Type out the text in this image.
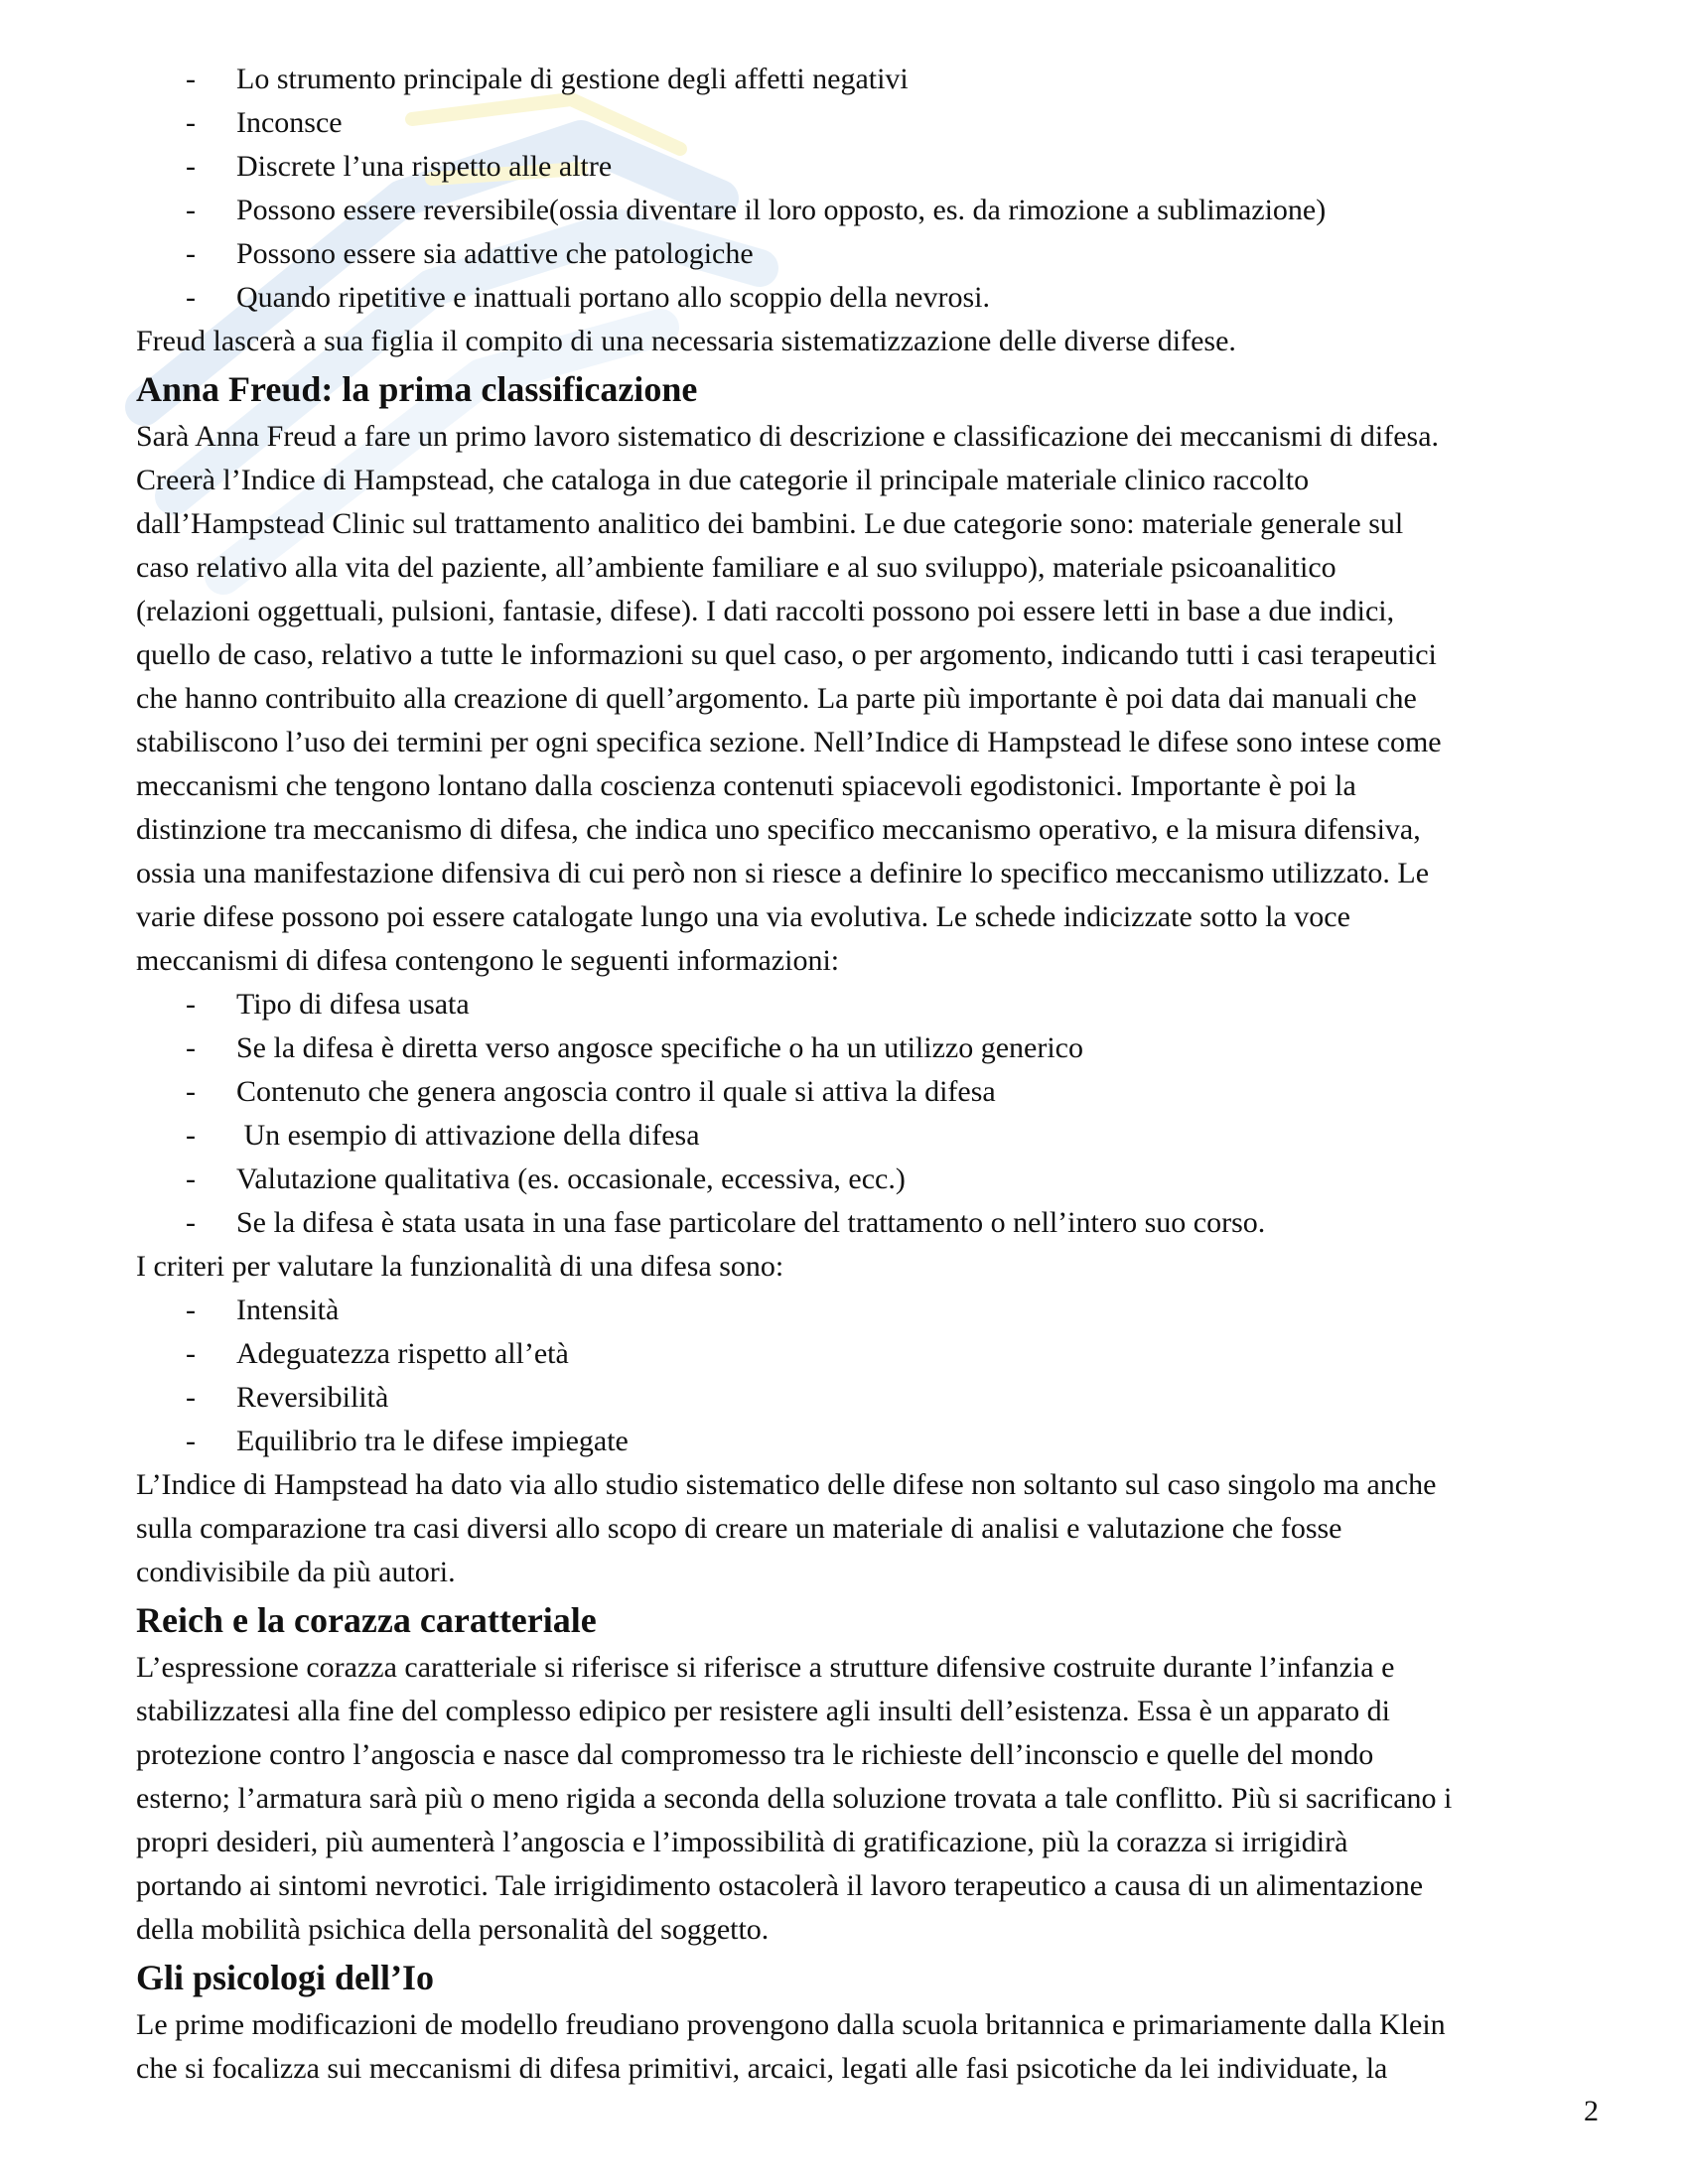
- Lo strumento principale di gestione degli affetti negativi
- Inconsce
- Discrete l’una rispetto alle altre
- Possono essere reversibile(ossia diventare il loro opposto, es. da rimozione a sublimazione)
- Possono essere sia adattive che patologiche
- Quando ripetitive e inattuali portano allo scoppio della nevrosi.
Freud lascerà a sua figlia il compito di una necessaria sistematizzazione delle diverse difese.
Anna Freud: la prima classificazione
Sarà Anna Freud a fare un primo lavoro sistematico di descrizione e classificazione dei meccanismi di difesa.
Creerà l’Indice di Hampstead, che cataloga in due categorie il principale materiale clinico raccolto
dall’Hampstead Clinic sul trattamento analitico dei bambini. Le due categorie sono: materiale generale sul
caso relativo alla vita del paziente, all’ambiente familiare e al suo sviluppo), materiale psicoanalitico
(relazioni oggettuali, pulsioni, fantasie, difese). I dati raccolti possono poi essere letti in base a due indici,
quello de caso, relativo a tutte le informazioni su quel caso, o per argomento, indicando tutti i casi terapeutici
che hanno contribuito alla creazione di quell’argomento. La parte più importante è poi data dai manuali che
stabiliscono l’uso dei termini per ogni specifica sezione. Nell’Indice di Hampstead le difese sono intese come
meccanismi che tengono lontano dalla coscienza contenuti spiacevoli egodistonici. Importante è poi la
distinzione tra meccanismo di difesa, che indica uno specifico meccanismo operativo, e la misura difensiva,
ossia una manifestazione difensiva di cui però non si riesce a definire lo specifico meccanismo utilizzato. Le
varie difese possono poi essere catalogate lungo una via evolutiva. Le schede indicizzate sotto la voce
meccanismi di difesa contengono le seguenti informazioni:
- Tipo di difesa usata
- Se la difesa è diretta verso angosce specifiche o ha un utilizzo generico
- Contenuto che genera angoscia contro il quale si attiva la difesa
- Un esempio di attivazione della difesa
- Valutazione qualitativa (es. occasionale, eccessiva, ecc.)
- Se la difesa è stata usata in una fase particolare del trattamento o nell’intero suo corso.
I criteri per valutare la funzionalità di una difesa sono:
- Intensità
- Adeguatezza rispetto all’età
- Reversibilità
- Equilibrio tra le difese impiegate
L’Indice di Hampstead ha dato via allo studio sistematico delle difese non soltanto sul caso singolo ma anche
sulla comparazione tra casi diversi allo scopo di creare un materiale di analisi e valutazione che fosse
condivisibile da più autori.
Reich e la corazza caratteriale
L’espressione corazza caratteriale si riferisce si riferisce a strutture difensive costruite durante l’infanzia e
stabilizzatesi alla fine del complesso edipico per resistere agli insulti dell’esistenza. Essa è un apparato di
protezione contro l’angoscia e nasce dal compromesso tra le richieste dell’inconscio e quelle del mondo
esterno; l’armatura sarà più o meno rigida a seconda della soluzione trovata a tale conflitto. Più si sacrificano i
propri desideri, più aumenterà l’angoscia e l’impossibilità di gratificazione, più la corazza si irrigidirà
portando ai sintomi nevrotici. Tale irrigidimento ostacolerà il lavoro terapeutico a causa di un alimentazione
della mobilità psichica della personalità del soggetto.
Gli psicologi dell’Io
Le prime modificazioni de modello freudiano provengono dalla scuola britannica e primariamente dalla Klein
che si focalizza sui meccanismi di difesa primitivi, arcaici, legati alle fasi psicotiche da lei individuate, la
2
